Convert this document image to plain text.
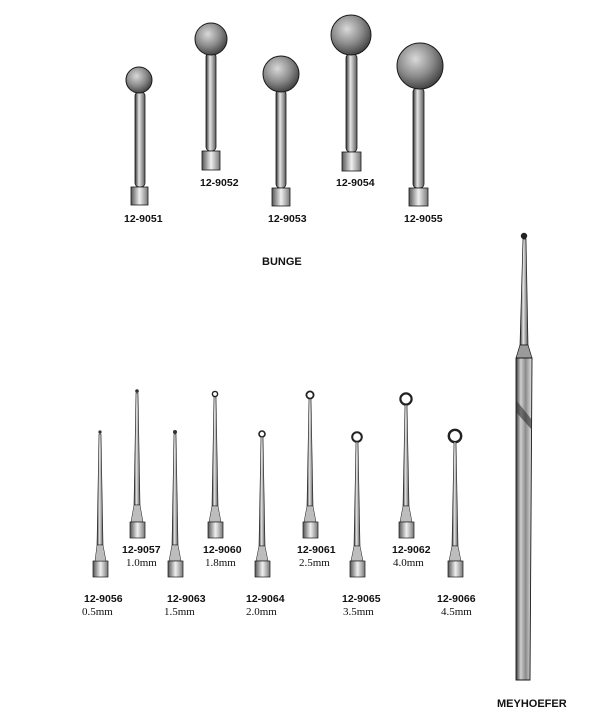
BUNGE
12-9051
12-9052
12-9053
12-9054
12-9055
12-9056
0.5mm
12-9057
1.0mm
12-9063
1.5mm
12-9060
1.8mm
12-9064
2.0mm
12-9061
2.5mm
12-9065
3.5mm
12-9062
4.0mm
12-9066
4.5mm
MEYHOEFER
